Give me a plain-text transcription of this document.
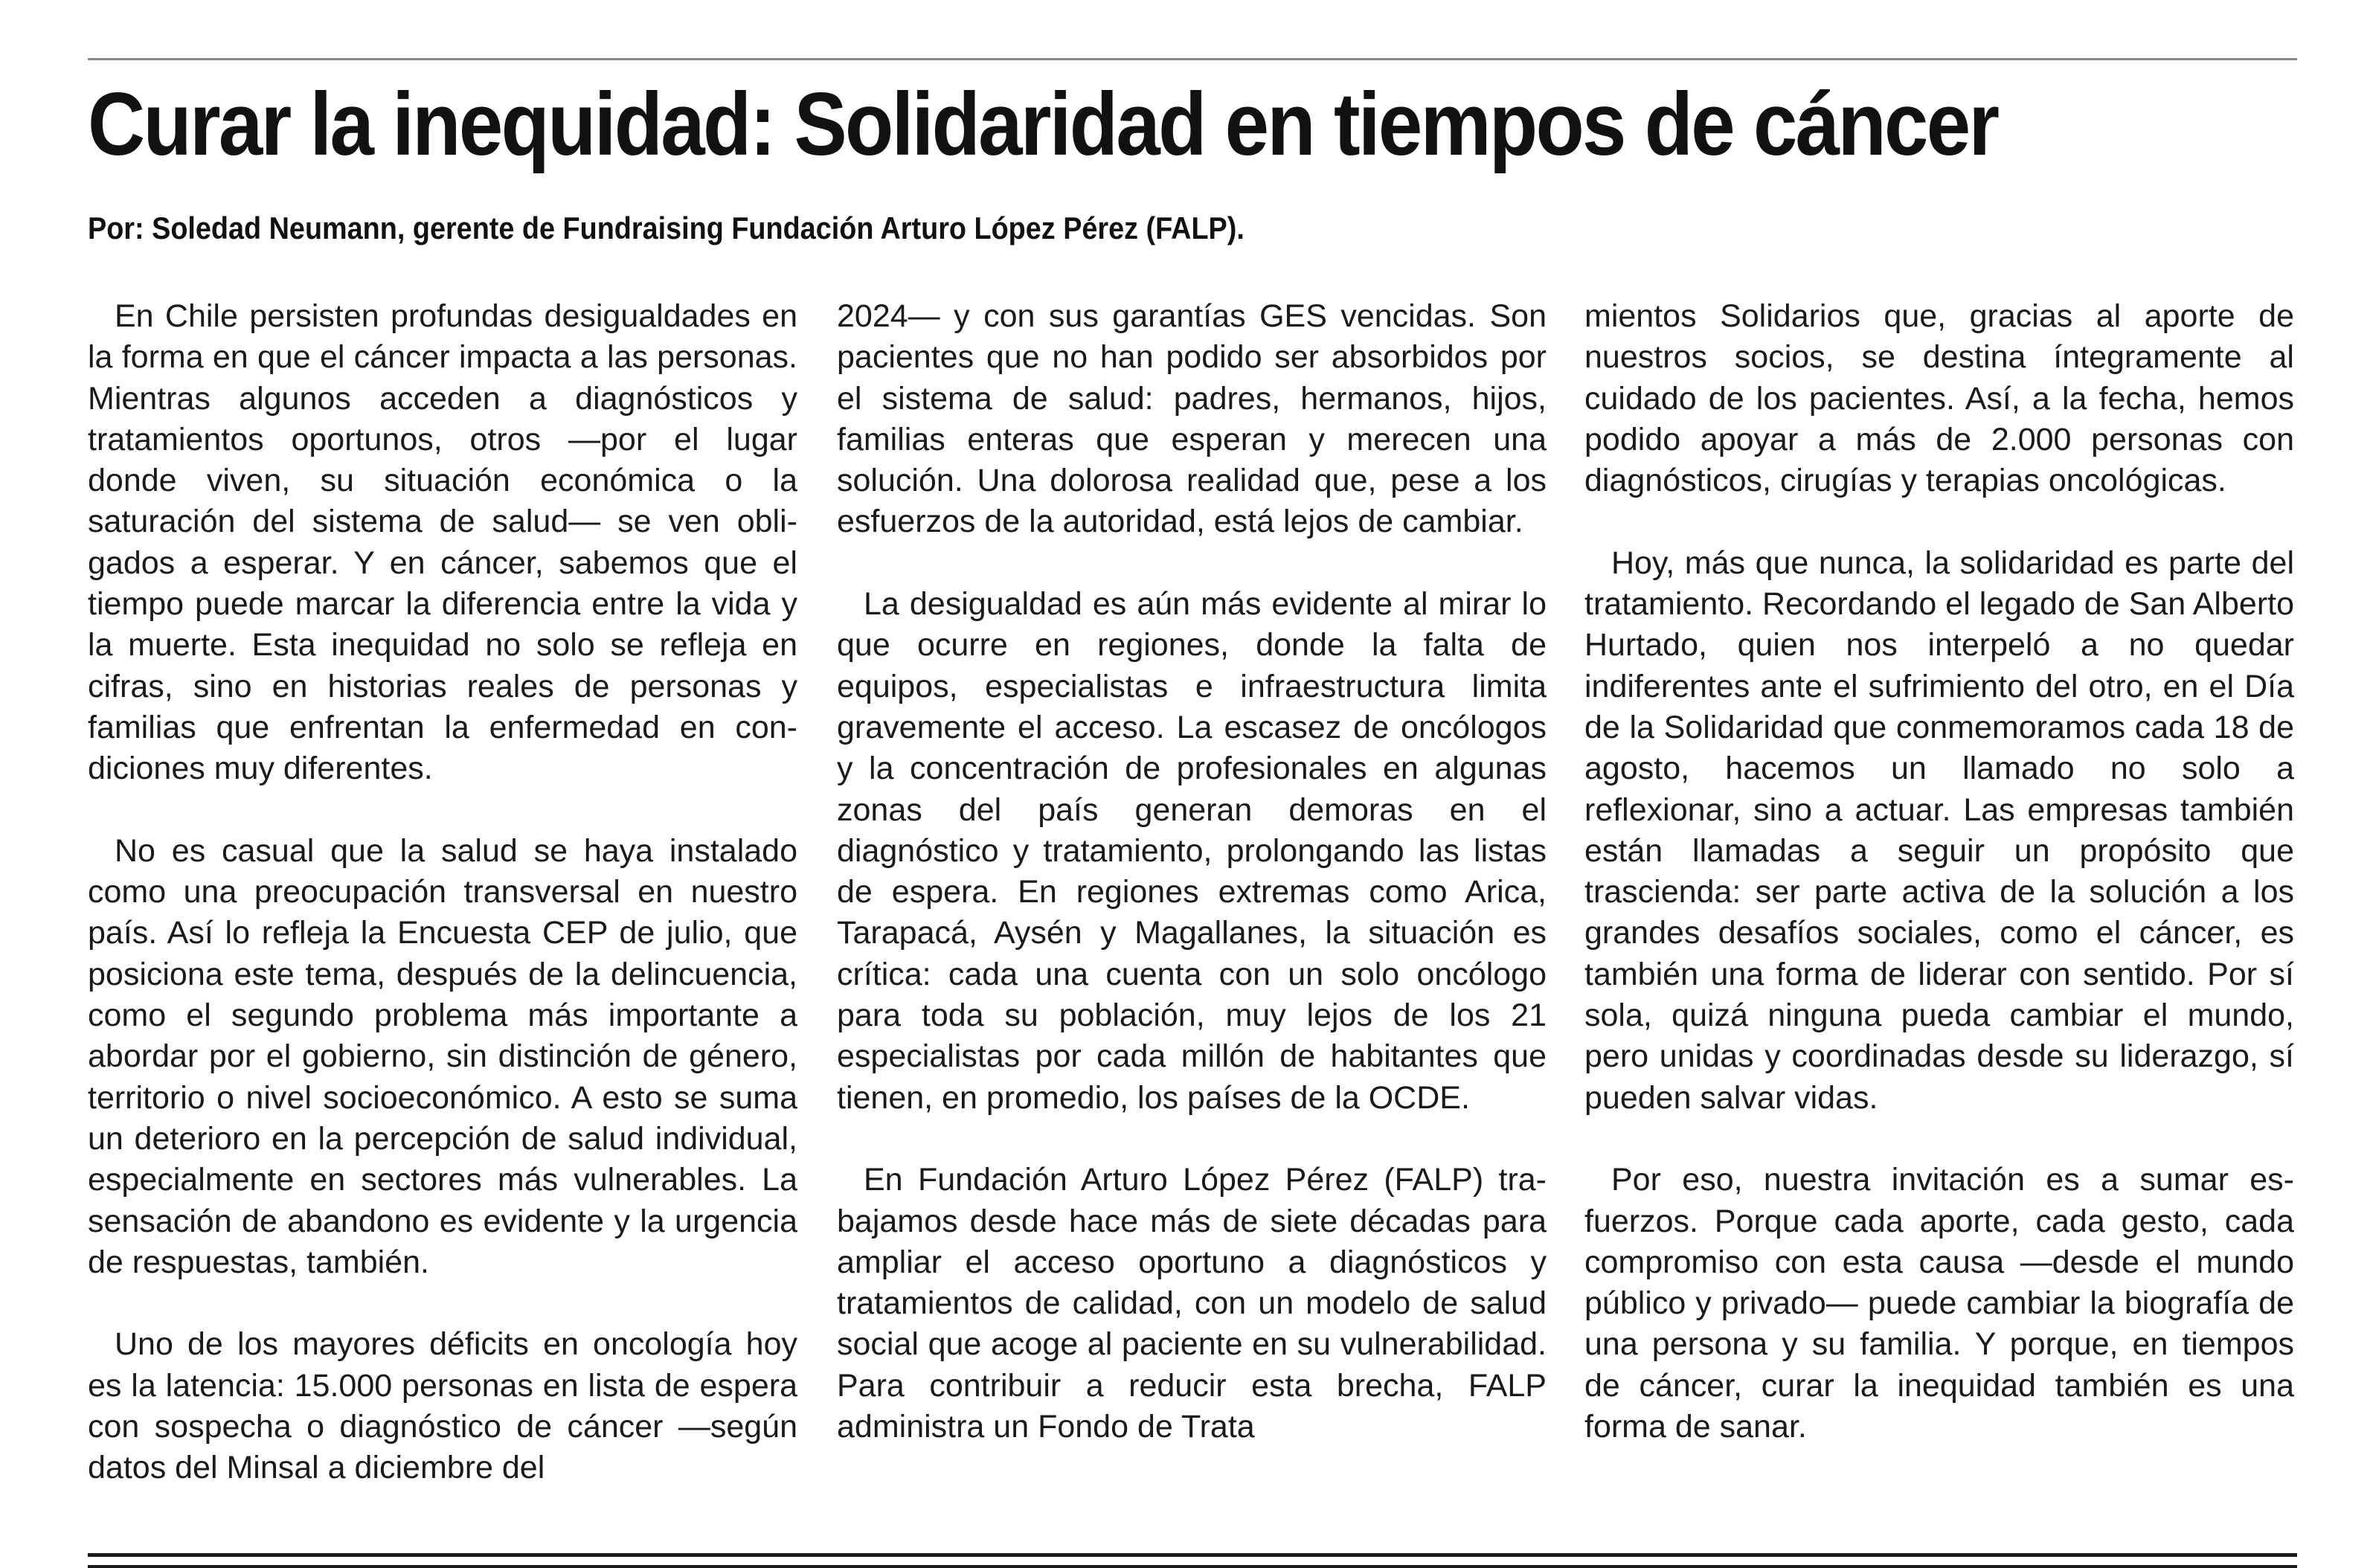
Curar la inequidad: Solidaridad en tiempos de cáncer

Por: Soledad Neumann, gerente de Fundraising Fundación Arturo López Pérez (FALP).

En Chile persisten profundas desigualdades en la forma en que el cáncer impacta a las personas. Mientras algunos acceden a diagnósticos y tratamientos oportunos, otros —por el lugar donde viven, su situación económica o la saturación del sistema de salud— se ven obligados a esperar. Y en cáncer, sabemos que el tiempo puede marcar la diferencia entre la vida y la muerte. Esta inequidad no solo se refleja en cifras, sino en historias reales de personas y familias que enfrentan la enfermedad en condiciones muy diferentes.

No es casual que la salud se haya instalado como una preocupación transversal en nuestro país. Así lo refleja la Encuesta CEP de julio, que posiciona este tema, después de la delincuencia, como el segundo problema más importante a abordar por el gobierno, sin distinción de género, territorio o nivel socioeconómico. A esto se suma un deterioro en la percepción de salud individual, especialmente en sectores más vulnerables. La sensación de abandono es evidente y la urgencia de respuestas, también.

Uno de los mayores déficits en oncología hoy es la latencia: 15.000 personas en lista de espera con sospecha o diagnóstico de cáncer —según datos del Minsal a diciembre del

2024— y con sus garantías GES vencidas. Son pacientes que no han podido ser absorbidos por el sistema de salud: padres, hermanos, hijos, familias enteras que esperan y merecen una solución. Una dolorosa realidad que, pese a los esfuerzos de la autoridad, está lejos de cambiar.

La desigualdad es aún más evidente al mirar lo que ocurre en regiones, donde la falta de equipos, especialistas e infraestructura limita gravemente el acceso. La escasez de oncólogos y la concentración de profesionales en algunas zonas del país generan demoras en el diagnóstico y tratamiento, prolongando las listas de espera. En regiones extremas como Arica, Tarapacá, Aysén y Magallanes, la situación es crítica: cada una cuenta con un solo oncólogo para toda su población, muy lejos de los 21 especialistas por cada millón de habitantes que tienen, en promedio, los países de la OCDE.

En Fundación Arturo López Pérez (FALP) trabajamos desde hace más de siete décadas para ampliar el acceso oportuno a diagnósticos y tratamientos de calidad, con un modelo de salud social que acoge al paciente en su vulnerabilidad. Para contribuir a reducir esta brecha, FALP administra un Fondo de Trata

mientos Solidarios que, gracias al aporte de nuestros socios, se destina íntegramente al cuidado de los pacientes. Así, a la fecha, hemos podido apoyar a más de 2.000 personas con diagnósticos, cirugías y terapias oncológicas.

Hoy, más que nunca, la solidaridad es parte del tratamiento. Recordando el legado de San Alberto Hurtado, quien nos interpeló a no quedar indiferentes ante el sufrimiento del otro, en el Día de la Solidaridad que conmemoramos cada 18 de agosto, hacemos un llamado no solo a reflexionar, sino a actuar. Las empresas también están llamadas a seguir un propósito que trascienda: ser parte activa de la solución a los grandes desafíos sociales, como el cáncer, es también una forma de liderar con sentido. Por sí sola, quizá ninguna pueda cambiar el mundo, pero unidas y coordinadas desde su liderazgo, sí pueden salvar vidas.

Por eso, nuestra invitación es a sumar esfuerzos. Porque cada aporte, cada gesto, cada compromiso con esta causa —desde el mundo público y privado— puede cambiar la biografía de una persona y su familia. Y porque, en tiempos de cáncer, curar la inequidad también es una forma de sanar.
